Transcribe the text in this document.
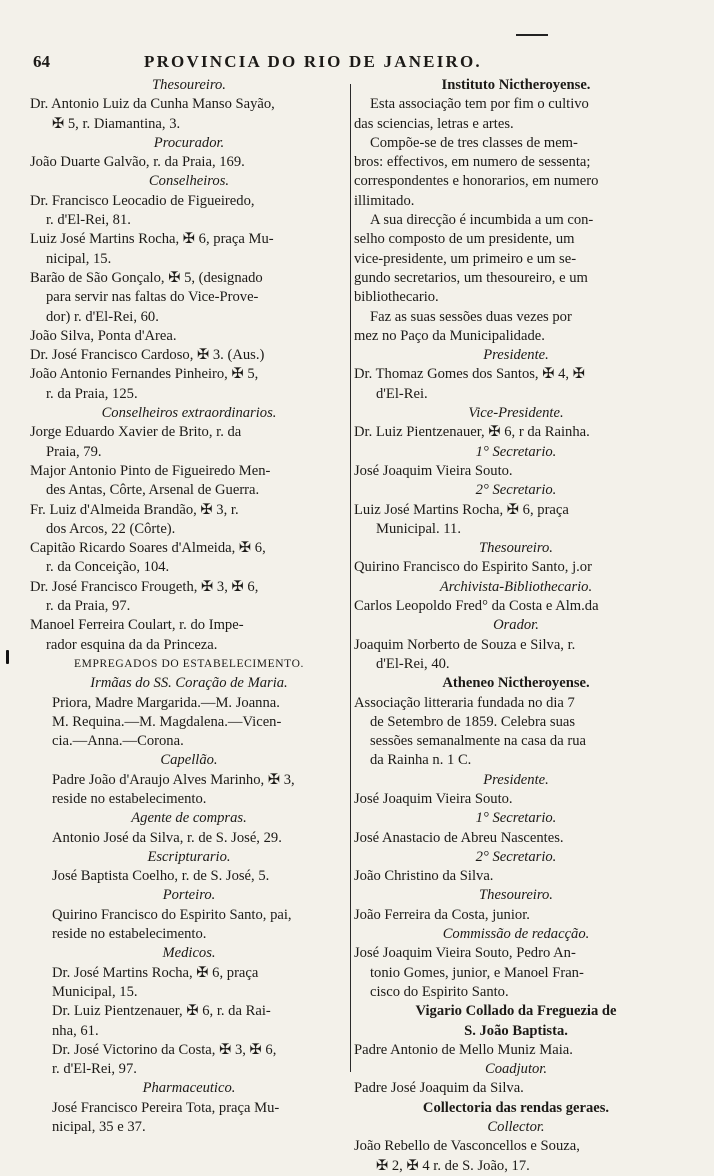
64	PROVINCIA DO RIO DE JANEIRO.
Thesoureiro.
Dr. Antonio Luiz da Cunha Manso Sayão,
✠ 5, r. Diamantina, 3.
Procurador.
João Duarte Galvão, r. da Praia, 169.
Conselheiros.
Dr. Francisco Leocadio de Figueiredo,
r. d'El-Rei, 81.
Luiz José Martins Rocha, ✠ 6, praça Mu-
nicipal, 15.
Barão de São Gonçalo, ✠ 5, (designado
para servir nas faltas do Vice-Prove-
dor) r. d'El-Rei, 60.
João Silva, Ponta d'Area.
Dr. José Francisco Cardoso, ✠ 3. (Aus.)
João Antonio Fernandes Pinheiro, ✠ 5,
r. da Praia, 125.
Conselheiros extraordinarios.
Jorge Eduardo Xavier de Brito, r. da
Praia, 79.
Major Antonio Pinto de Figueiredo Men-
des Antas, Côrte, Arsenal de Guerra.
Fr. Luiz d'Almeida Brandão, ✠ 3, r.
dos Arcos, 22 (Côrte).
Capitão Ricardo Soares d'Almeida, ✠ 6,
r. da Conceição, 104.
Dr. José Francisco Frougeth, ✠ 3, ✠ 6,
r. da Praia, 97.
Manoel Ferreira Coulart, r. do Impe-
rador esquina da da Princeza.
EMPREGADOS DO ESTABELECIMENTO.
Irmãas do SS. Coração de Maria.
Priora, Madre Margarida.—M. Joanna.
M. Requina.—M. Magdalena.—Vicen-
cia.—Anna.—Corona.
Capellão.
Padre João d'Araujo Alves Marinho, ✠ 3,
reside no estabelecimento.
Agente de compras.
Antonio José da Silva, r. de S. José, 29.
Escripturario.
José Baptista Coelho, r. de S. José, 5.
Porteiro.
Quirino Francisco do Espirito Santo, pai,
reside no estabelecimento.
Medicos.
Dr. José Martins Rocha, ✠ 6, praça
Municipal, 15.
Dr. Luiz Pientzenauer, ✠ 6, r. da Rai-
nha, 61.
Dr. José Victorino da Costa, ✠ 3, ✠ 6,
r. d'El-Rei, 97.
Pharmaceutico.
José Francisco Pereira Tota, praça Mu-
nicipal, 35 e 37.
Instituto Nictheroyense.
Esta associação tem por fim o cultivo
das sciencias, letras e artes.
Compõe-se de tres classes de mem-
bros: effectivos, em numero de sessenta;
correspondentes e honorarios, em numero
illimitado.
A sua direcção é incumbida a um con-
selho composto de um presidente, um
vice-presidente, um primeiro e um se-
gundo secretarios, um thesoureiro, e um
bibliothecario.
Faz as suas sessões duas vezes por
mez no Paço da Municipalidade.
Presidente.
Dr. Thomaz Gomes dos Santos, ✠ 4, ✠
d'El-Rei.
Vice-Presidente.
Dr. Luiz Pientzenauer, ✠ 6, r da Rainha.
1° Secretario.
José Joaquim Vieira Souto.
2° Secretario.
Luiz José Martins Rocha, ✠ 6, praça
Municipal. 11.
Thesoureiro.
Quirino Francisco do Espirito Santo, j.or
Archivista-Bibliothecario.
Carlos Leopoldo Fred° da Costa e Alm.da
Orador.
Joaquim Norberto de Souza e Silva, r.
d'El-Rei, 40.
Atheneo Nictheroyense.
Associação litteraria fundada no dia 7
de Setembro de 1859. Celebra suas
sessões semanalmente na casa da rua
da Rainha n. 1 C.
Presidente.
José Joaquim Vieira Souto.
1° Secretario.
José Anastacio de Abreu Nascentes.
2° Secretario.
João Christino da Silva.
Thesoureiro.
João Ferreira da Costa, junior.
Commissão de redacção.
José Joaquim Vieira Souto, Pedro An-
tonio Gomes, junior, e Manoel Fran-
cisco do Espirito Santo.
Vigario Collado da Freguezia de
S. João Baptista.
Padre Antonio de Mello Muniz Maia.
Coadjutor.
Padre José Joaquim da Silva.
Collectoria das rendas geraes.
Collector.
João Rebello de Vasconcellos e Souza,
✠ 2, ✠ 4 r. de S. João, 17.
